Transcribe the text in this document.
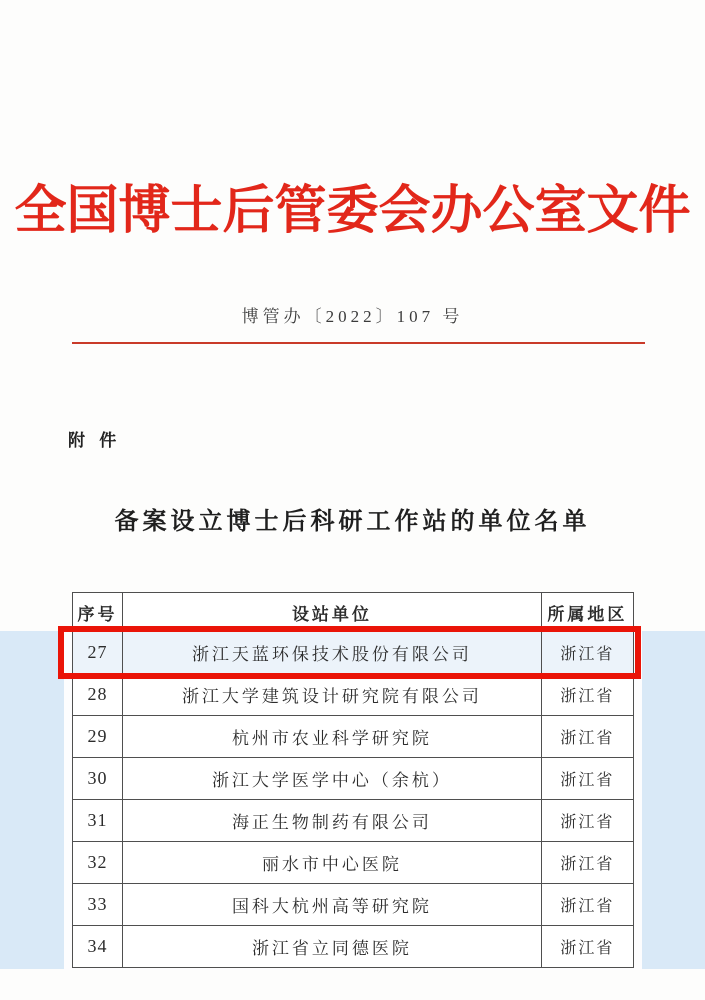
全国博士后管委会办公室文件
博管办〔2022〕107 号
附 件
备案设立博士后科研工作站的单位名单
序号	设站单位	所属地区
27	浙江天蓝环保技术股份有限公司	浙江省
28	浙江大学建筑设计研究院有限公司	浙江省
29	杭州市农业科学研究院	浙江省
30	浙江大学医学中心（余杭）	浙江省
31	海正生物制药有限公司	浙江省
32	丽水市中心医院	浙江省
33	国科大杭州高等研究院	浙江省
34	浙江省立同德医院	浙江省
